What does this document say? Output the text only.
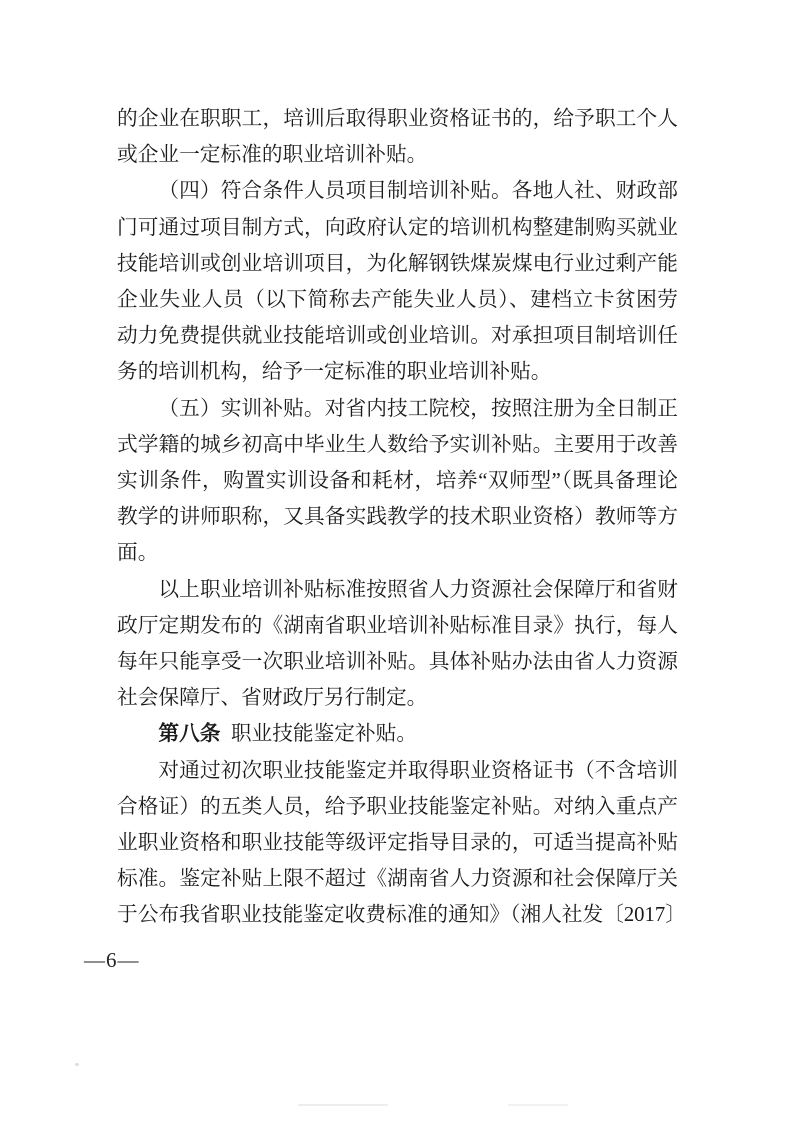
的企业在职职工，培训后取得职业资格证书的，给予职工个人或企业一定标准的职业培训补贴。

（四）符合条件人员项目制培训补贴。各地人社、财政部门可通过项目制方式，向政府认定的培训机构整建制购买就业技能培训或创业培训项目，为化解钢铁煤炭煤电行业过剩产能企业失业人员（以下简称去产能失业人员）、建档立卡贫困劳动力免费提供就业技能培训或创业培训。对承担项目制培训任务的培训机构，给予一定标准的职业培训补贴。

（五）实训补贴。对省内技工院校，按照注册为全日制正式学籍的城乡初高中毕业生人数给予实训补贴。主要用于改善实训条件，购置实训设备和耗材，培养“双师型”（既具备理论教学的讲师职称，又具备实践教学的技术职业资格）教师等方面。

以上职业培训补贴标准按照省人力资源社会保障厅和省财政厅定期发布的《湖南省职业培训补贴标准目录》执行，每人每年只能享受一次职业培训补贴。具体补贴办法由省人力资源社会保障厅、省财政厅另行制定。

第八条 职业技能鉴定补贴。

对通过初次职业技能鉴定并取得职业资格证书（不含培训合格证）的五类人员，给予职业技能鉴定补贴。对纳入重点产业职业资格和职业技能等级评定指导目录的，可适当提高补贴标准。鉴定补贴上限不超过《湖南省人力资源和社会保障厅关于公布我省职业技能鉴定收费标准的通知》（湘人社发〔2017〕

—6—
